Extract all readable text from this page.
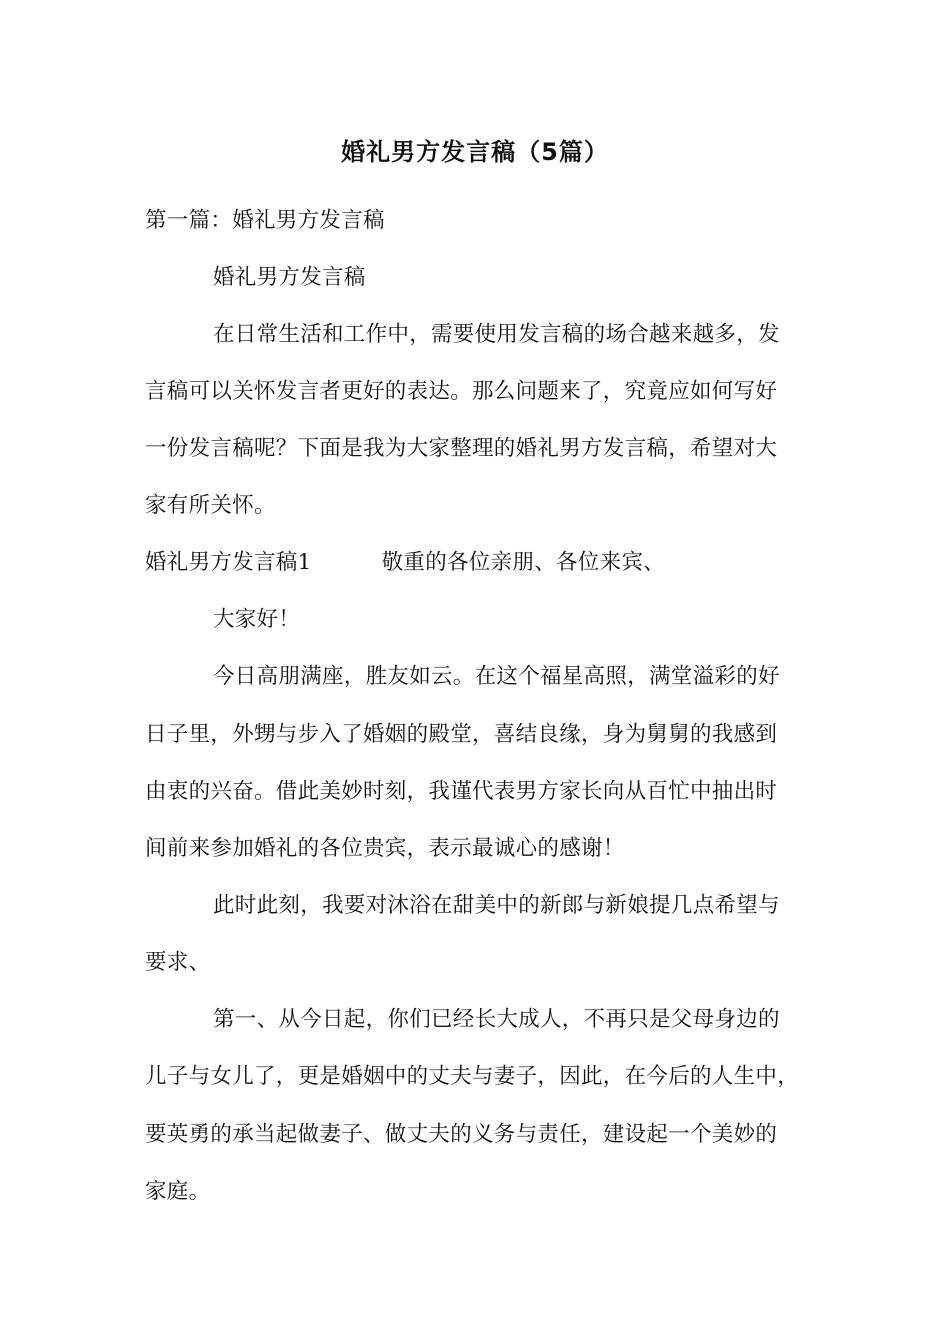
婚礼男方发言稿（5篇）
第一篇：婚礼男方发言稿
婚礼男方发言稿
在日常生活和工作中，需要使用发言稿的场合越来越多，发
言稿可以关怀发言者更好的表达。那么问题来了，究竟应如何写好
一份发言稿呢？下面是我为大家整理的婚礼男方发言稿，希望对大
家有所关怀。
婚礼男方发言稿1	敬重的各位亲朋、各位来宾、
大家好！
今日高朋满座，胜友如云。在这个福星高照，满堂溢彩的好
日子里，外甥与步入了婚姻的殿堂，喜结良缘，身为舅舅的我感到
由衷的兴奋。借此美妙时刻，我谨代表男方家长向从百忙中抽出时
间前来参加婚礼的各位贵宾，表示最诚心的感谢！
此时此刻，我要对沐浴在甜美中的新郎与新娘提几点希望与
要求、
第一、从今日起，你们已经长大成人，不再只是父母身边的
儿子与女儿了，更是婚姻中的丈夫与妻子，因此，在今后的人生中，
要英勇的承当起做妻子、做丈夫的义务与责任，建设起一个美妙的
家庭。
